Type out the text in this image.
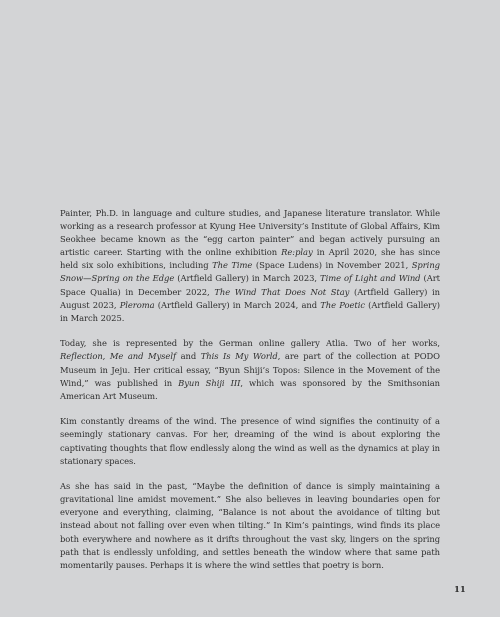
Painter, Ph.D. in language and culture studies, and Japanese literature translator. While working as a research professor at Kyung Hee University’s Institute of Global Affairs, Kim Seokhee became known as the “egg carton painter” and began actively pursuing an artistic career. Starting with the online exhibition Re:play in April 2020, she has since held six solo exhibitions, including The Time (Space Ludens) in November 2021, Spring Snow—Spring on the Edge (Artfield Gallery) in March 2023, Time of Light and Wind (Art Space Qualia) in December 2022, The Wind That Does Not Stay (Artfield Gallery) in August 2023, Pleroma (Artfield Gallery) in March 2024, and The Poetic (Artfield Gallery) in March 2025.

Today, she is represented by the German online gallery Atlia. Two of her works, Reflection, Me and Myself and This Is My World, are part of the collection at PODO Museum in Jeju. Her critical essay, “Byun Shiji’s Topos: Silence in the Movement of the Wind,” was published in Byun Shiji III, which was sponsored by the Smithsonian American Art Museum.

Kim constantly dreams of the wind. The presence of wind signifies the continuity of a seemingly stationary canvas. For her, dreaming of the wind is about exploring the captivating thoughts that flow endlessly along the wind as well as the dynamics at play in stationary spaces.

As she has said in the past, “Maybe the definition of dance is simply maintaining a gravitational line amidst movement.” She also believes in leaving boundaries open for everyone and everything, claiming, “Balance is not about the avoidance of tilting but instead about not falling over even when tilting.” In Kim’s paintings, wind finds its place both everywhere and nowhere as it drifts throughout the vast sky, lingers on the spring path that is endlessly unfolding, and settles beneath the window where that same path momentarily pauses. Perhaps it is where the wind settles that poetry is born.

11
